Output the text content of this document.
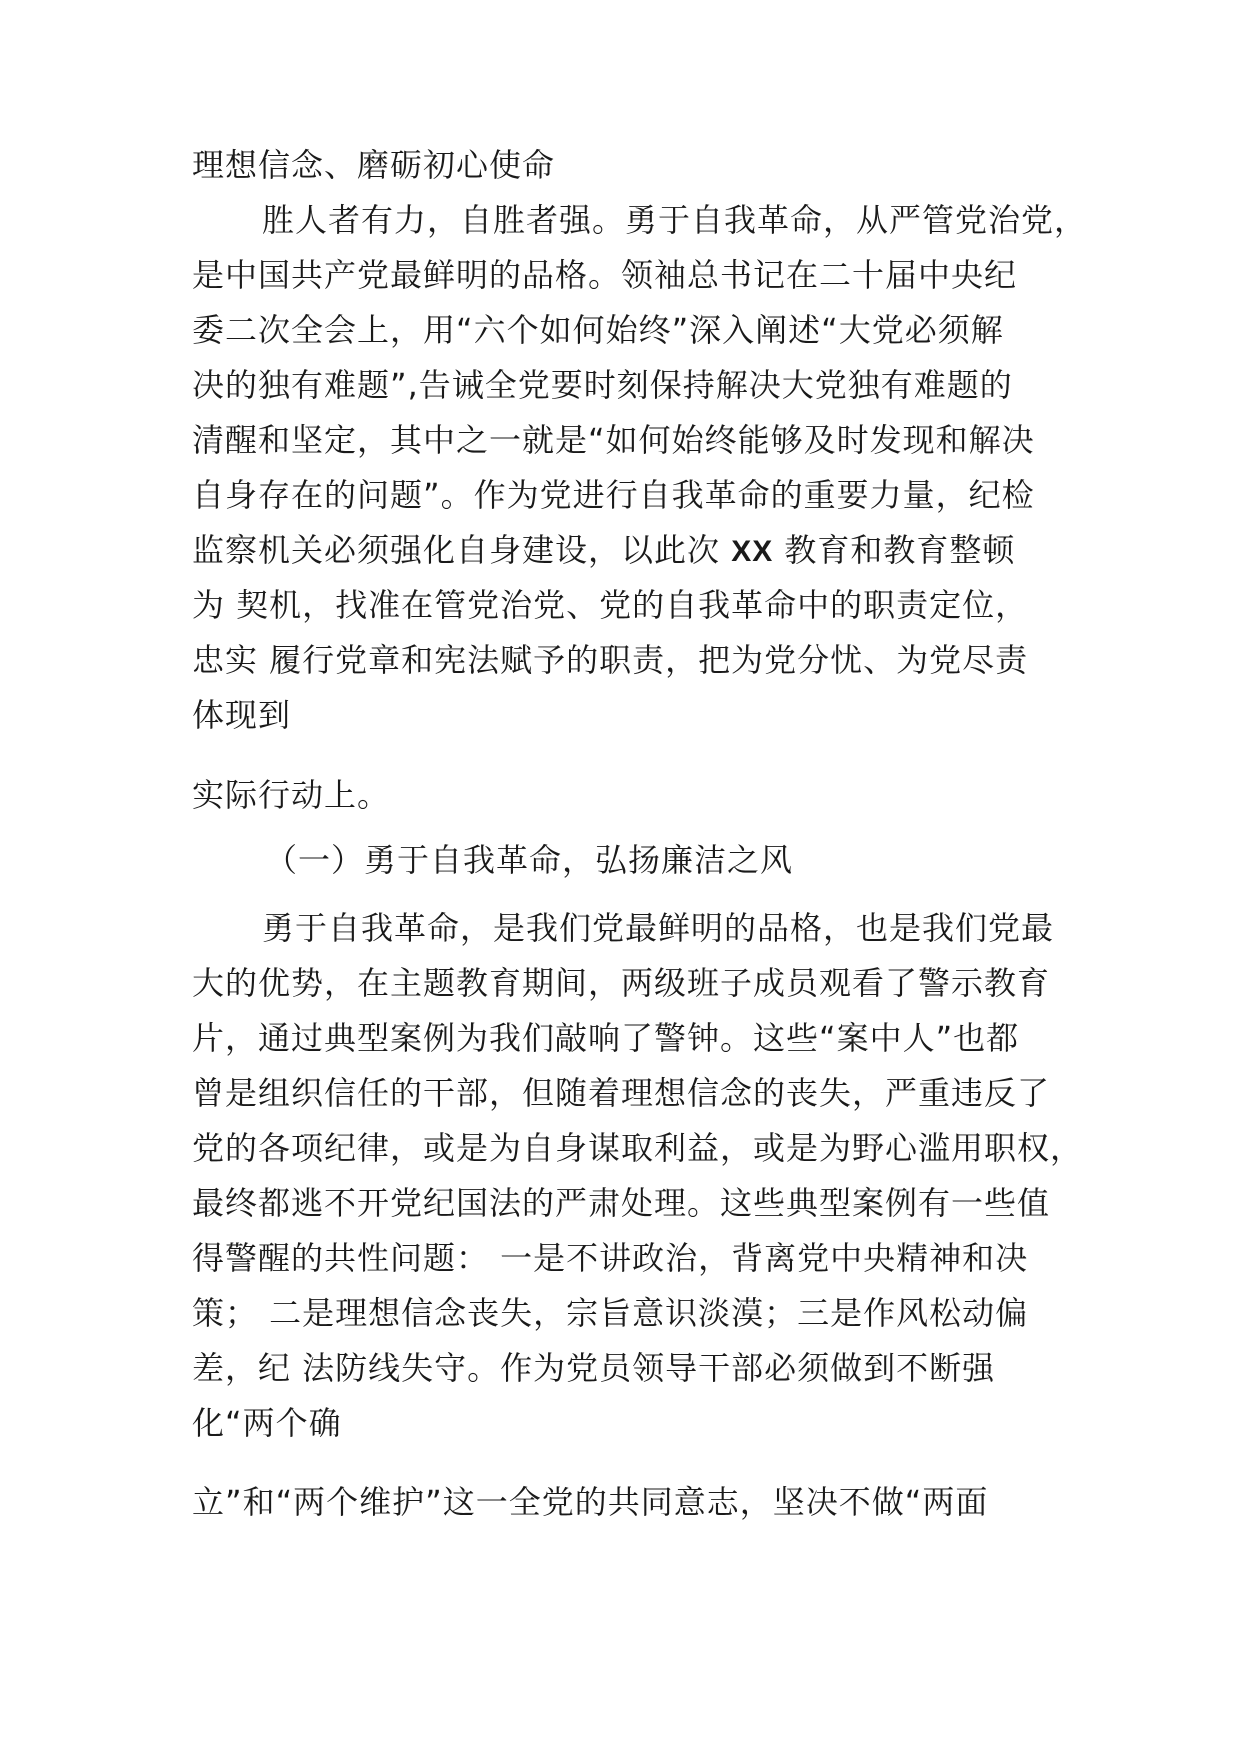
理想信念、磨砺初心使命
胜人者有力，自胜者强。勇于自我革命，从严管党治党，
是中国共产党最鲜明的品格。领袖总书记在二十届中央纪
委二次全会上，用“六个如何始终”深入阐述“大党必须解
决的独有难题”,告诫全党要时刻保持解决大党独有难题的
清醒和坚定，其中之一就是“如何始终能够及时发现和解决
自身存在的问题”。作为党进行自我革命的重要力量，纪检
监察机关必须强化自身建设，以此次 XX 教育和教育整顿
为 契机，找准在管党治党、党的自我革命中的职责定位，
忠实 履行党章和宪法赋予的职责，把为党分忧、为党尽责
体现到
实际行动上。
（一）勇于自我革命，弘扬廉洁之风
勇于自我革命，是我们党最鲜明的品格，也是我们党最
大的优势，在主题教育期间，两级班子成员观看了警示教育
片，通过典型案例为我们敲响了警钟。这些“案中人”也都
曾是组织信任的干部，但随着理想信念的丧失，严重违反了
党的各项纪律，或是为自身谋取利益，或是为野心滥用职权，
最终都逃不开党纪国法的严肃处理。这些典型案例有一些值
得警醒的共性问题： 一是不讲政治，背离党中央精神和决
策； 二是理想信念丧失，宗旨意识淡漠；三是作风松动偏
差，纪 法防线失守。作为党员领导干部必须做到不断强
化“两个确
立”和“两个维护”这一全党的共同意志，坚决不做“两面
